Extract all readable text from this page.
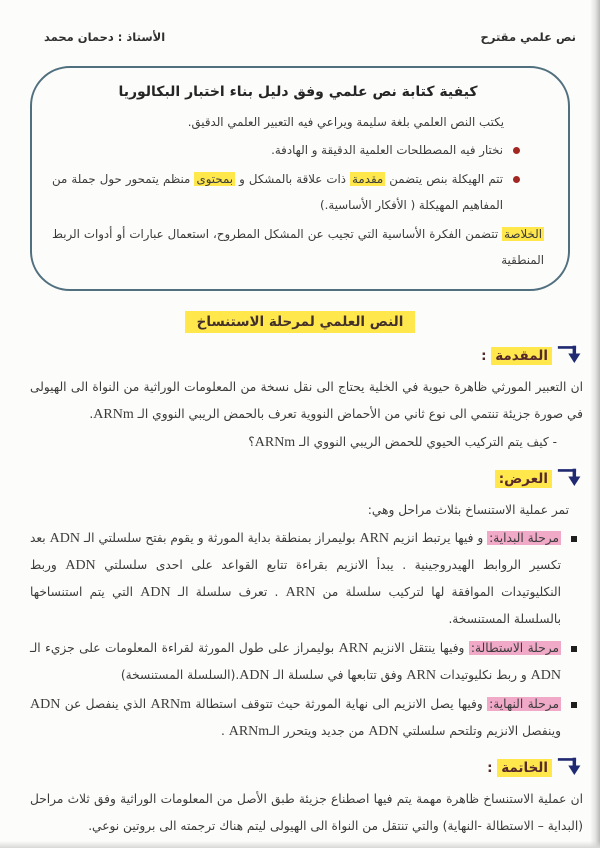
نص علمي مقترح
الأستاذ : دحمان محمد
كيفية كتابة نص علمي وفق دليل بناء اختبار البكالوريا
يكتب النص العلمي بلغة سليمة ويراعي فيه التعبير العلمي الدقيق.
نختار فيه المصطلحات العلمية الدقيقة و الهادفة.
تتم الهيكلة بنص يتضمن مقدمة ذات علاقة بالمشكل و بمحتوى منظم يتمحور حول جملة من المفاهيم المهيكلة ( الأفكار الأساسية.)
الخلاصة تتضمن الفكرة الأساسية التي تجيب عن المشكل المطروح، استعمال عبارات أو أدوات الربط المنطقية
النص العلمي لمرحلة الاستنساخ
المقدمة :
ان التعبير المورثي ظاهرة حيوية في الخلية يحتاج الى نقل نسخة من المعلومات الوراثية من النواة الى الهيولى في صورة جزيئة تنتمي الى نوع ثاني من الأحماض النووية تعرف بالحمض الريبي النووي الـ ARNm.
- كيف يتم التركيب الحيوي للحمض الريبي النووي الـ ARNm؟
العرض:
تمر عملية الاستنساخ بثلاث مراحل وهي:
مرحلة البداية: و فيها يرتبط انزيم ARN بوليمراز بمنطقة بداية المورثة و يقوم بفتح سلسلتي الـ ADN بعد تكسير الروابط الهيدروجينية . يبدأ الانزيم بقراءة تتابع القواعد على احدى سلسلتي ADN وربط النكليوتيدات الموافقة لها لتركيب سلسلة من ARN . تعرف سلسلة الـ ADN التي يتم استنساخها بالسلسلة المستنسخة.
مرحلة الاستطالة: وفيها ينتقل الانزيم ARN بوليمراز على طول المورثة لقراءة المعلومات على جزيء الـ ADN و ربط نكليوتيدات ARN وفق تتابعها في سلسلة الـ ADN.(السلسلة المستنسخة)
مرحلة النهاية: وفيها يصل الانزيم الى نهاية المورثة حيث تتوقف استطالة ARNm الذي ينفصل عن ADN وينفصل الانزيم وتلتحم سلسلتي ADN من جديد ويتحرر الـARNm .
الخاتمة :
ان عملية الاستنساخ ظاهرة مهمة يتم فيها اصطناع جزيئة طبق الأصل من المعلومات الوراثية وفق ثلاث مراحل (البداية – الاستطالة -النهاية) والتي تنتقل من النواة الى الهيولى ليتم هناك ترجمته الى بروتين نوعي.
